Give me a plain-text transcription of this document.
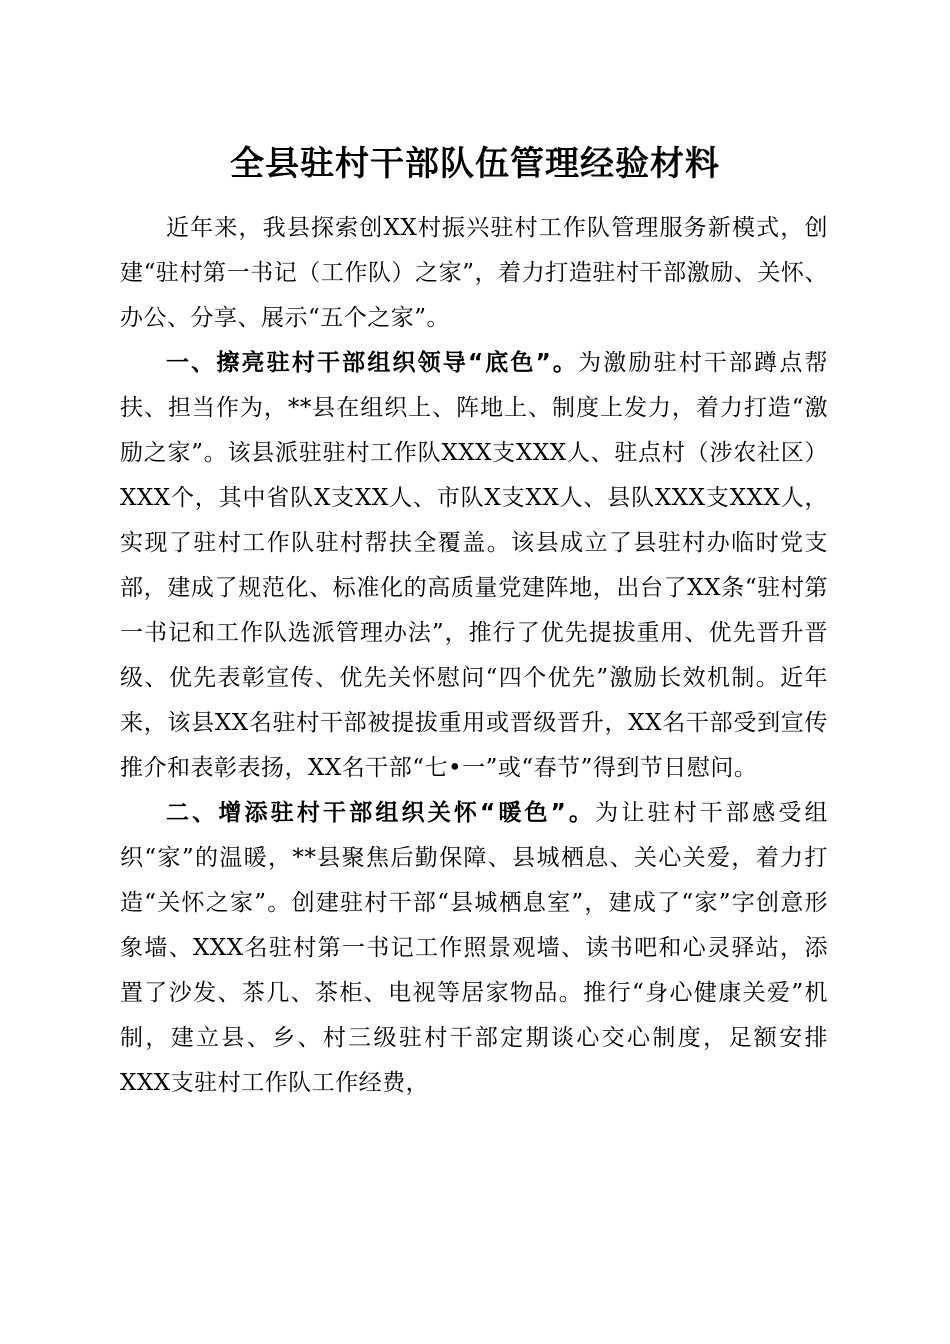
全县驻村干部队伍管理经验材料

近年来，我县探索创XX村振兴驻村工作队管理服务新模式，创建“驻村第一书记（工作队）之家”，着力打造驻村干部激励、关怀、办公、分享、展示“五个之家”。

一、擦亮驻村干部组织领导“底色”。为激励驻村干部蹲点帮扶、担当作为，**县在组织上、阵地上、制度上发力，着力打造“激励之家”。该县派驻驻村工作队XXX支XXX人、驻点村（涉农社区）XXX个，其中省队X支XX人、市队X支XX人、县队XXX支XXX人，实现了驻村工作队驻村帮扶全覆盖。该县成立了县驻村办临时党支部，建成了规范化、标准化的高质量党建阵地，出台了XX条“驻村第一书记和工作队选派管理办法”，推行了优先提拔重用、优先晋升晋级、优先表彰宣传、优先关怀慰问“四个优先”激励长效机制。近年来，该县XX名驻村干部被提拔重用或晋级晋升，XX名干部受到宣传推介和表彰表扬，XX名干部“七•一”或“春节”得到节日慰问。

二、增添驻村干部组织关怀“暖色”。为让驻村干部感受组织“家”的温暖，**县聚焦后勤保障、县城栖息、关心关爱，着力打造“关怀之家”。创建驻村干部“县城栖息室”，建成了“家”字创意形象墙、XXX名驻村第一书记工作照景观墙、读书吧和心灵驿站，添置了沙发、茶几、茶柜、电视等居家物品。推行“身心健康关爱”机制，建立县、乡、村三级驻村干部定期谈心交心制度，足额安排XXX支驻村工作队工作经费，
